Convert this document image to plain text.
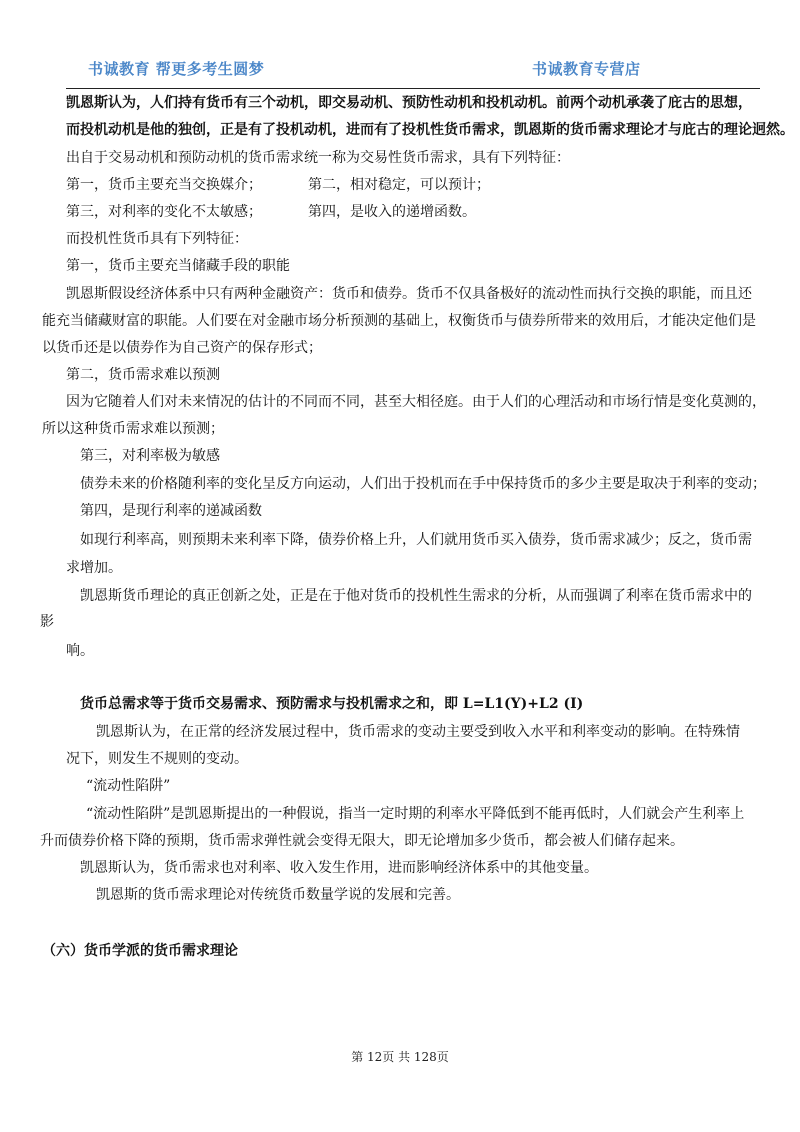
书诚教育 帮更多考生圆梦	书诚教育专营店
凯恩斯认为，人们持有货币有三个动机，即交易动机、预防性动机和投机动机。前两个动机承袭了庇古的思想，
而投机动机是他的独创，正是有了投机动机，进而有了投机性货币需求，凯恩斯的货币需求理论才与庇古的理论迥然。
出自于交易动机和预防动机的货币需求统一称为交易性货币需求，具有下列特征：
第一，货币主要充当交换媒介；	第二，相对稳定，可以预计；
第三，对利率的变化不太敏感；	第四，是收入的递增函数。
而投机性货币具有下列特征：
第一，货币主要充当储藏手段的职能
凯恩斯假设经济体系中只有两种金融资产：货币和债券。货币不仅具备极好的流动性而执行交换的职能，而且还
能充当储藏财富的职能。人们要在对金融市场分析预测的基础上，权衡货币与债券所带来的效用后，才能决定他们是
以货币还是以债券作为自己资产的保存形式；
第二，货币需求难以预测
因为它随着人们对未来情况的估计的不同而不同，甚至大相径庭。由于人们的心理活动和市场行情是变化莫测的，
所以这种货币需求难以预测；
第三，对利率极为敏感
债券未来的价格随利率的变化呈反方向运动，人们出于投机而在手中保持货币的多少主要是取决于利率的变动；
第四，是现行利率的递减函数
如现行利率高，则预期未来利率下降，债券价格上升，人们就用货币买入债券，货币需求减少；反之，货币需
求增加。
凯恩斯货币理论的真正创新之处，正是在于他对货币的投机性生需求的分析，从而强调了利率在货币需求中的
影
响。
货币总需求等于货币交易需求、预防需求与投机需求之和，即 L=L1(Y)+L2 (I)
凯恩斯认为，在正常的经济发展过程中，货币需求的变动主要受到收入水平和利率变动的影响。在特殊情
况下，则发生不规则的变动。
“流动性陷阱”
“流动性陷阱”是凯恩斯提出的一种假说，指当一定时期的利率水平降低到不能再低时，人们就会产生利率上
升而债券价格下降的预期，货币需求弹性就会变得无限大，即无论增加多少货币，都会被人们储存起来。
凯恩斯认为，货币需求也对利率、收入发生作用，进而影响经济体系中的其他变量。
凯恩斯的货币需求理论对传统货币数量学说的发展和完善。
（六）货币学派的货币需求理论
第 12页 共 128页
